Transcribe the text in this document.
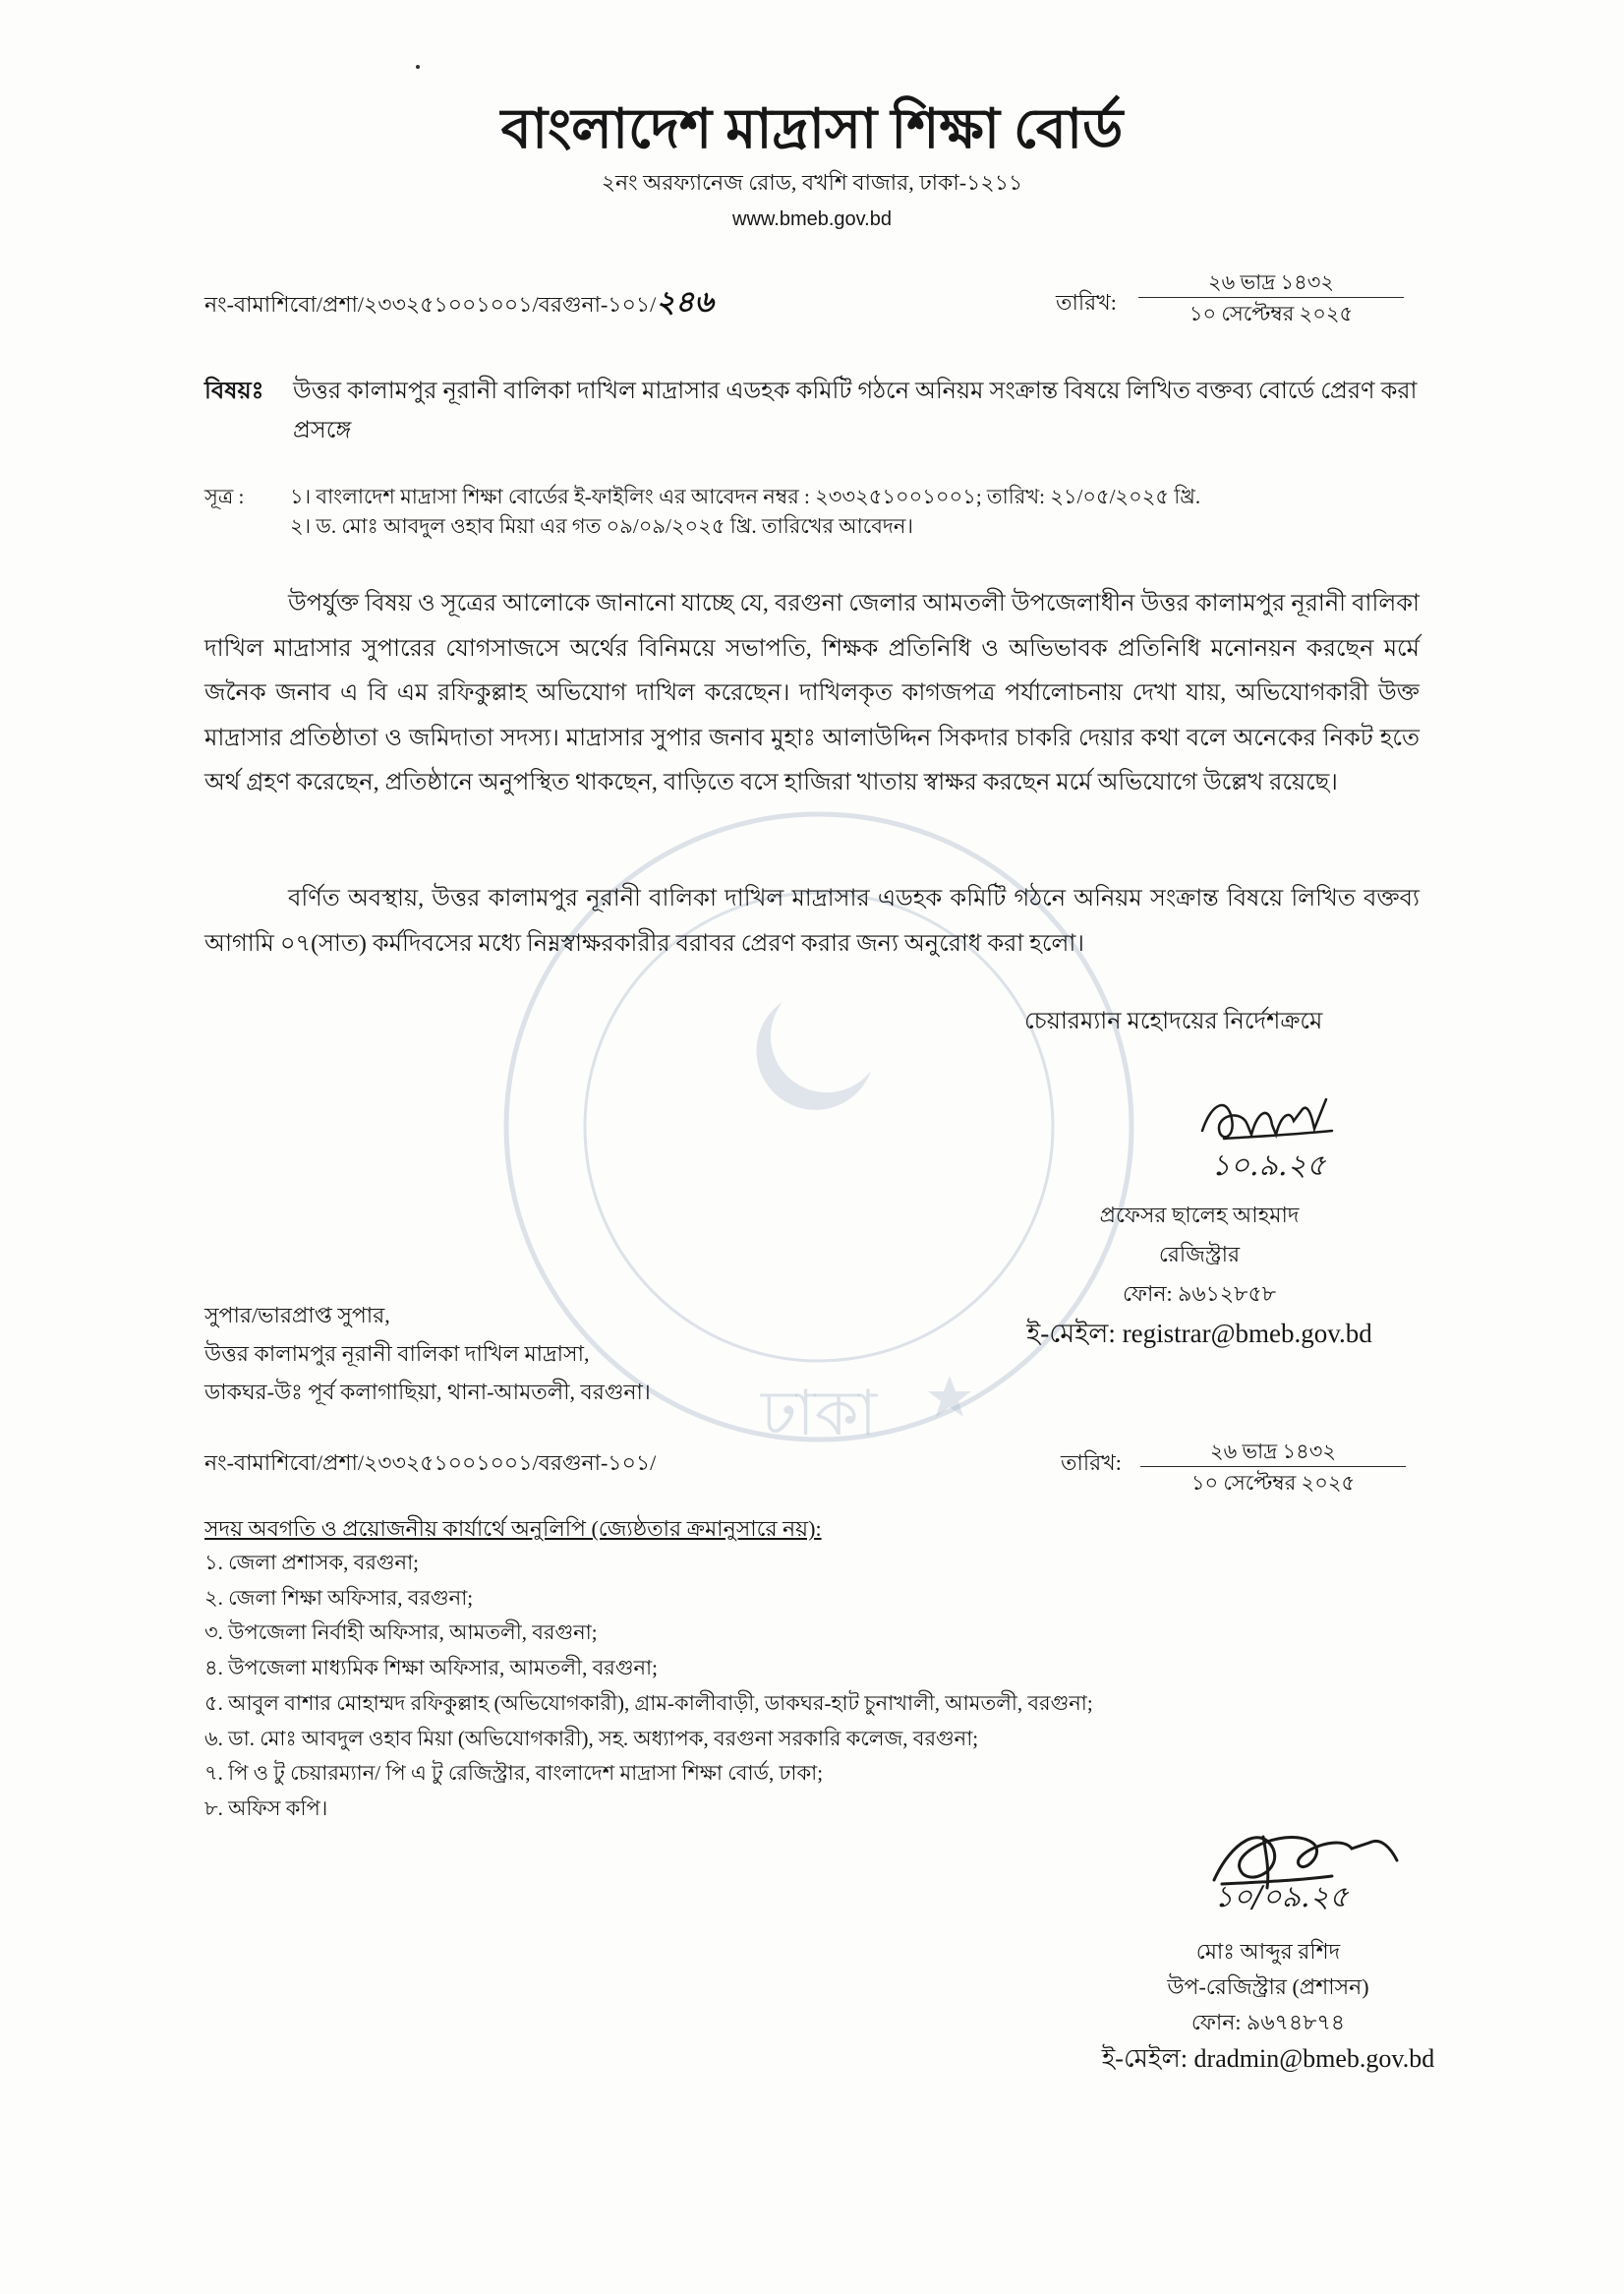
ঢাকা
বাংলাদেশ মাদ্রাসা শিক্ষা বোর্ড
২নং অরফ্যানেজ রোড, বখশি বাজার, ঢাকা-১২১১
www.bmeb.gov.bd
নং-বামাশিবো/প্রশা/২৩৩২৫১০০১০০১/বরগুনা-১০১/২৪৬	তারিখ:
২৬ ভাদ্র ১৪৩২
১০ সেপ্টেম্বর ২০২৫
বিষয়ঃ উত্তর কালামপুর নূরানী বালিকা দাখিল মাদ্রাসার এডহক কমিটি গঠনে অনিয়ম সংক্রান্ত বিষয়ে লিখিত বক্তব্য বোর্ডে প্রেরণ করা প্রসঙ্গে
সূত্র : ১। বাংলাদেশ মাদ্রাসা শিক্ষা বোর্ডের ই-ফাইলিং এর আবেদন নম্বর : ২৩৩২৫১০০১০০১; তারিখ: ২১/০৫/২০২৫ খ্রি.
২। ড. মোঃ আবদুল ওহাব মিয়া এর গত ০৯/০৯/২০২৫ খ্রি. তারিখের আবেদন।
উপর্যুক্ত বিষয় ও সূত্রের আলোকে জানানো যাচ্ছে যে, বরগুনা জেলার আমতলী উপজেলাধীন উত্তর কালামপুর নূরানী বালিকা দাখিল মাদ্রাসার সুপারের যোগসাজসে অর্থের বিনিময়ে সভাপতি, শিক্ষক প্রতিনিধি ও অভিভাবক প্রতিনিধি মনোনয়ন করছেন মর্মে জনৈক জনাব এ বি এম রফিকুল্লাহ অভিযোগ দাখিল করেছেন। দাখিলকৃত কাগজপত্র পর্যালোচনায় দেখা যায়, অভিযোগকারী উক্ত মাদ্রাসার প্রতিষ্ঠাতা ও জমিদাতা সদস্য। মাদ্রাসার সুপার জনাব মুহাঃ আলাউদ্দিন সিকদার চাকরি দেয়ার কথা বলে অনেকের নিকট হতে অর্থ গ্রহণ করেছেন, প্রতিষ্ঠানে অনুপস্থিত থাকছেন, বাড়িতে বসে হাজিরা খাতায় স্বাক্ষর করছেন মর্মে অভিযোগে উল্লেখ রয়েছে।
বর্ণিত অবস্থায়, উত্তর কালামপুর নূরানী বালিকা দাখিল মাদ্রাসার এডহক কমিটি গঠনে অনিয়ম সংক্রান্ত বিষয়ে লিখিত বক্তব্য আগামি ০৭(সাত) কর্মদিবসের মধ্যে নিম্নস্বাক্ষরকারীর বরাবর প্রেরণ করার জন্য অনুরোধ করা হলো।
চেয়ারম্যান মহোদয়ের নির্দেশক্রমে
১০.৯.২৫
প্রফেসর ছালেহ আহমাদ
রেজিস্ট্রার
ফোন: ৯৬১২৮৫৮
ই-মেইল: registrar@bmeb.gov.bd
সুপার/ভারপ্রাপ্ত সুপার,
উত্তর কালামপুর নূরানী বালিকা দাখিল মাদ্রাসা,
ডাকঘর-উঃ পূর্ব কলাগাছিয়া, থানা-আমতলী, বরগুনা।
নং-বামাশিবো/প্রশা/২৩৩২৫১০০১০০১/বরগুনা-১০১/	তারিখ:	২৬ ভাদ্র ১৪৩২
১০ সেপ্টেম্বর ২০২৫
সদয় অবগতি ও প্রয়োজনীয় কার্যার্থে অনুলিপি (জ্যেষ্ঠতার ক্রমানুসারে নয়):
১. জেলা প্রশাসক, বরগুনা;
২. জেলা শিক্ষা অফিসার, বরগুনা;
৩. উপজেলা নির্বাহী অফিসার, আমতলী, বরগুনা;
৪. উপজেলা মাধ্যমিক শিক্ষা অফিসার, আমতলী, বরগুনা;
৫. আবুল বাশার মোহাম্মদ রফিকুল্লাহ (অভিযোগকারী), গ্রাম-কালীবাড়ী, ডাকঘর-হাট চুনাখালী, আমতলী, বরগুনা;
৬. ডা. মোঃ আবদুল ওহাব মিয়া (অভিযোগকারী), সহ. অধ্যাপক, বরগুনা সরকারি কলেজ, বরগুনা;
৭. পি ও টু চেয়ারম্যান/ পি এ টু রেজিস্ট্রার, বাংলাদেশ মাদ্রাসা শিক্ষা বোর্ড, ঢাকা;
৮. অফিস কপি।
১০/০৯.২৫
মোঃ আব্দুর রশিদ
উপ-রেজিস্ট্রার (প্রশাসন)
ফোন: ৯৬৭৪৮৭৪
ই-মেইল: dradmin@bmeb.gov.bd
